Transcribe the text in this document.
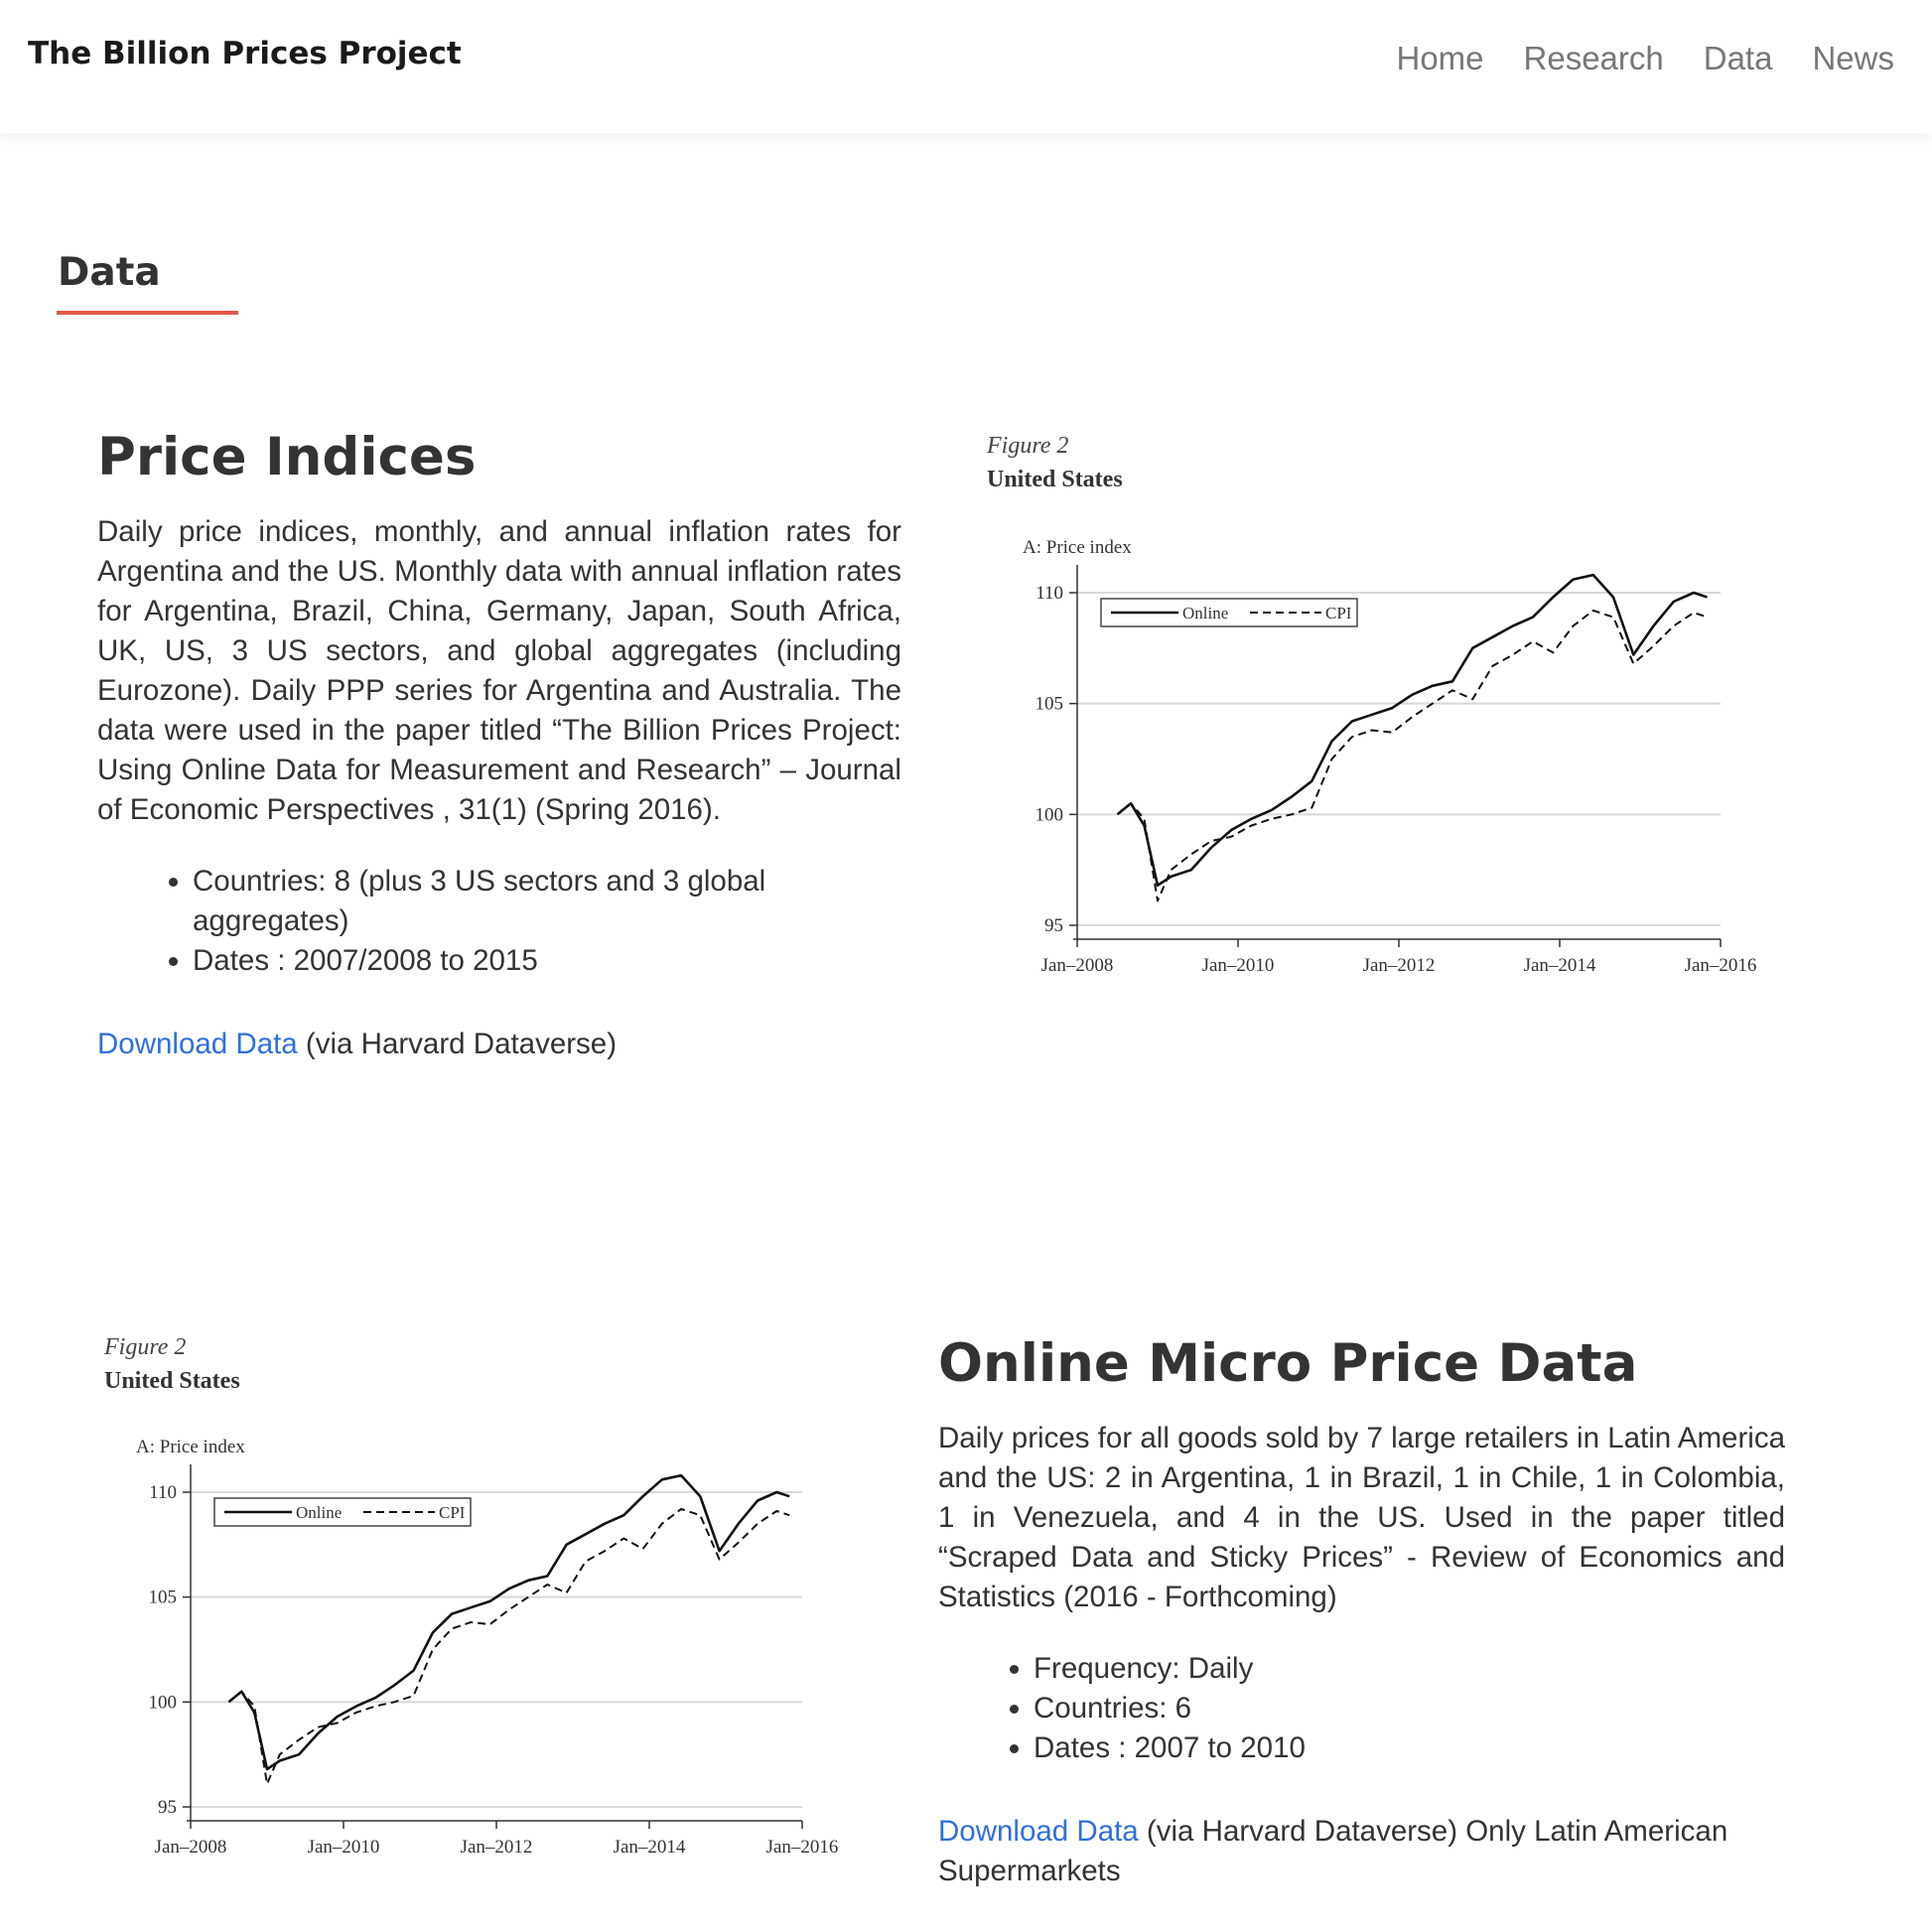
The Billion Prices Project	Home Research Data News
Data
Price Indices

Daily price indices, monthly, and annual inflation rates for Argentina and the US. Monthly data with annual inflation rates for Argentina, Brazil, China, Germany, Japan, South Africa, UK, US, 3 US sectors, and global aggregates (including Eurozone). Daily PPP series for Argentina and Australia. The data were used in the paper titled “The Billion Prices Project: Using Online Data for Measurement and Research” – Journal of Economic Perspectives , 31(1) (Spring 2016).

• Countries: 8 (plus 3 US sectors and 3 global aggregates)
• Dates : 2007/2008 to 2015

Download Data (via Harvard Dataverse)

Figure 2
United States
A: Price index
95
100
105
110
Jan–2008	Jan–2010	Jan–2012	Jan–2014	Jan–2016
Online	CPI
Figure 2
United States
A: Price index
95
100
105
110
Jan–2008	Jan–2010	Jan–2012	Jan–2014	Jan–2016
Online	CPI
Online Micro Price Data

Daily prices for all goods sold by 7 large retailers in Latin America and the US: 2 in Argentina, 1 in Brazil, 1 in Chile, 1 in Colombia, 1 in Venezuela, and 4 in the US. Used in the paper titled “Scraped Data and Sticky Prices” - Review of Economics and Statistics (2016 - Forthcoming)

• Frequency: Daily
• Countries: 6
• Dates : 2007 to 2010

Download Data (via Harvard Dataverse) Only Latin American Supermarkets
